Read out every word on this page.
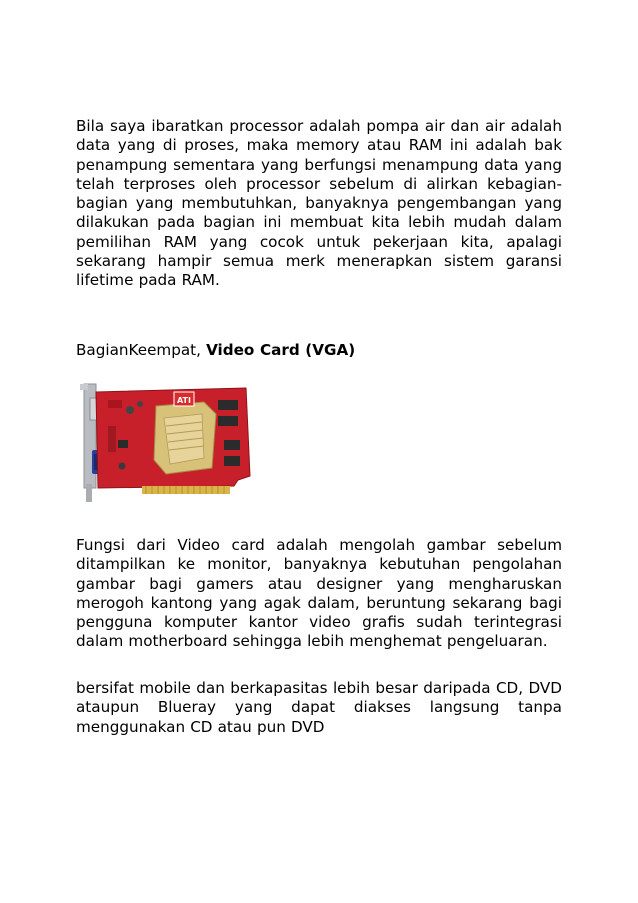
Bila saya ibaratkan processor adalah pompa air dan air adalah data yang di proses, maka memory atau RAM ini adalah bak penampung sementara yang berfungsi menampung data yang telah terproses oleh processor sebelum di alirkan kebagian-bagian yang membutuhkan, banyaknya pengembangan yang dilakukan pada bagian ini membuat kita lebih mudah dalam pemilihan RAM yang cocok untuk pekerjaan kita, apalagi sekarang hampir semua merk menerapkan sistem garansi lifetime pada RAM.

BagianKeempat, Video Card (VGA)

ATI

Fungsi dari Video card adalah mengolah gambar sebelum ditampilkan ke monitor, banyaknya kebutuhan pengolahan gambar bagi gamers atau designer yang mengharuskan merogoh kantong yang agak dalam, beruntung sekarang bagi pengguna komputer kantor video grafis sudah terintegrasi dalam motherboard sehingga lebih menghemat pengeluaran.

bersifat mobile dan berkapasitas lebih besar daripada CD, DVD ataupun Blueray yang dapat diakses langsung tanpa menggunakan CD atau pun DVD
